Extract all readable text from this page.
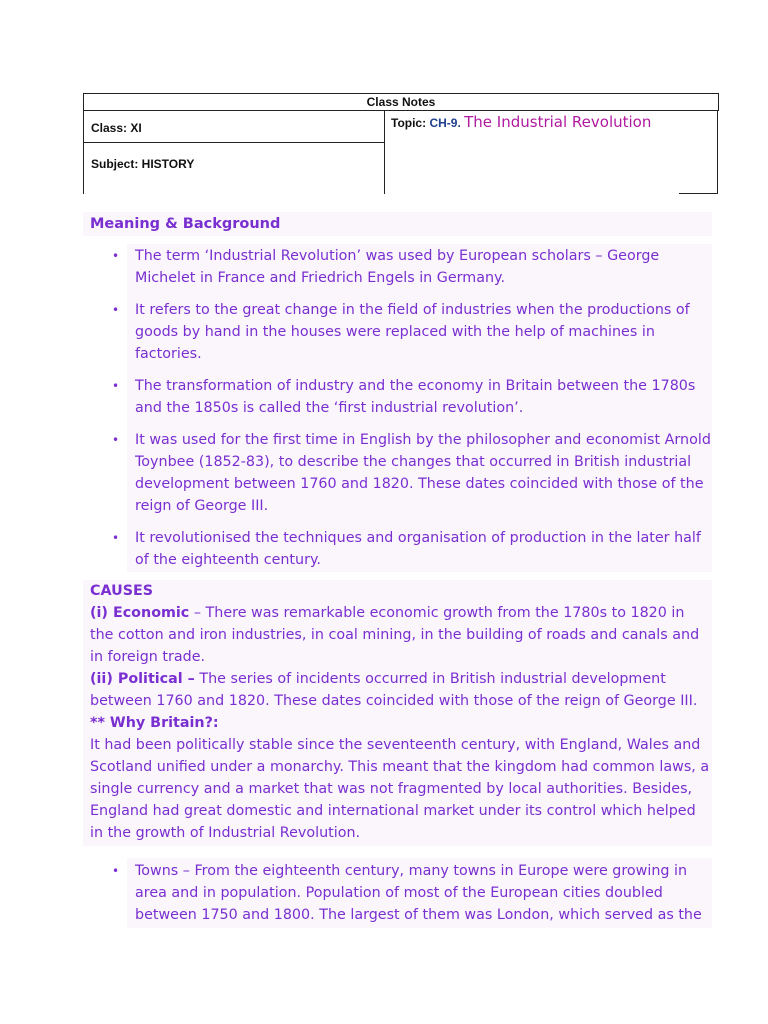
Class Notes
Class: XI
Subject: HISTORY
Topic: CH-9. The Industrial Revolution
Meaning & Background
• The term ‘Industrial Revolution’ was used by European scholars – George Michelet in France and Friedrich Engels in Germany.
• It refers to the great change in the field of industries when the productions of goods by hand in the houses were replaced with the help of machines in factories.
• The transformation of industry and the economy in Britain between the 1780s and the 1850s is called the ‘first industrial revolution’.
• It was used for the first time in English by the philosopher and economist Arnold Toynbee (1852-83), to describe the changes that occurred in British industrial development between 1760 and 1820. These dates coincided with those of the reign of George III.
• It revolutionised the techniques and organisation of production in the later half of the eighteenth century.
CAUSES
(i) Economic – There was remarkable economic growth from the 1780s to 1820 in the cotton and iron industries, in coal mining, in the building of roads and canals and in foreign trade.
(ii) Political – The series of incidents occurred in British industrial development between 1760 and 1820. These dates coincided with those of the reign of George III.
** Why Britain?:
It had been politically stable since the seventeenth century, with England, Wales and Scotland unified under a monarchy. This meant that the kingdom had common laws, a single currency and a market that was not fragmented by local authorities. Besides, England had great domestic and international market under its control which helped in the growth of Industrial Revolution.
• Towns – From the eighteenth century, many towns in Europe were growing in area and in population. Population of most of the European cities doubled between 1750 and 1800. The largest of them was London, which served as the
